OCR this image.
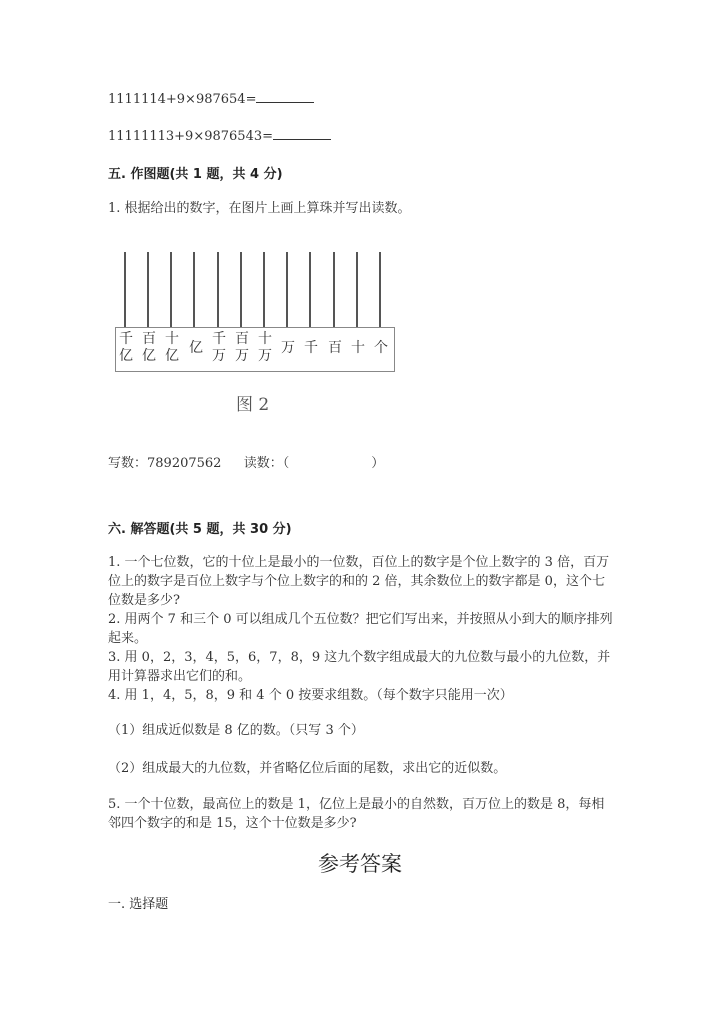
1111114+9×987654=
11111113+9×9876543=
五. 作图题(共 1 题，共 4 分)
1. 根据给出的数字，在图片上画上算珠并写出读数。
千亿
百亿
十亿 亿
千万
百万
十万 万 千 百 十 个
图 2
写数：789207562 读数：（	）
六. 解答题(共 5 题，共 30 分)
1. 一个七位数，它的十位上是最小的一位数，百位上的数字是个位上数字的 3 倍，百万位上的数字是百位上数字与个位上数字的和的 2 倍，其余数位上的数字都是 0，这个七位数是多少?
2. 用两个 7 和三个 0 可以组成几个五位数？把它们写出来，并按照从小到大的顺序排列起来。
3. 用 0，2，3，4，5，6，7，8，9 这九个数字组成最大的九位数与最小的九位数，并用计算器求出它们的和。
4. 用 1，4，5，8，9 和 4 个 0 按要求组数。（每个数字只能用一次）
（1）组成近似数是 8 亿的数。（只写 3 个）
（2）组成最大的九位数，并省略亿位后面的尾数，求出它的近似数。
5. 一个十位数，最高位上的数是 1，亿位上是最小的自然数，百万位上的数是 8，每相邻四个数字的和是 15，这个十位数是多少?
参考答案
一. 选择题
